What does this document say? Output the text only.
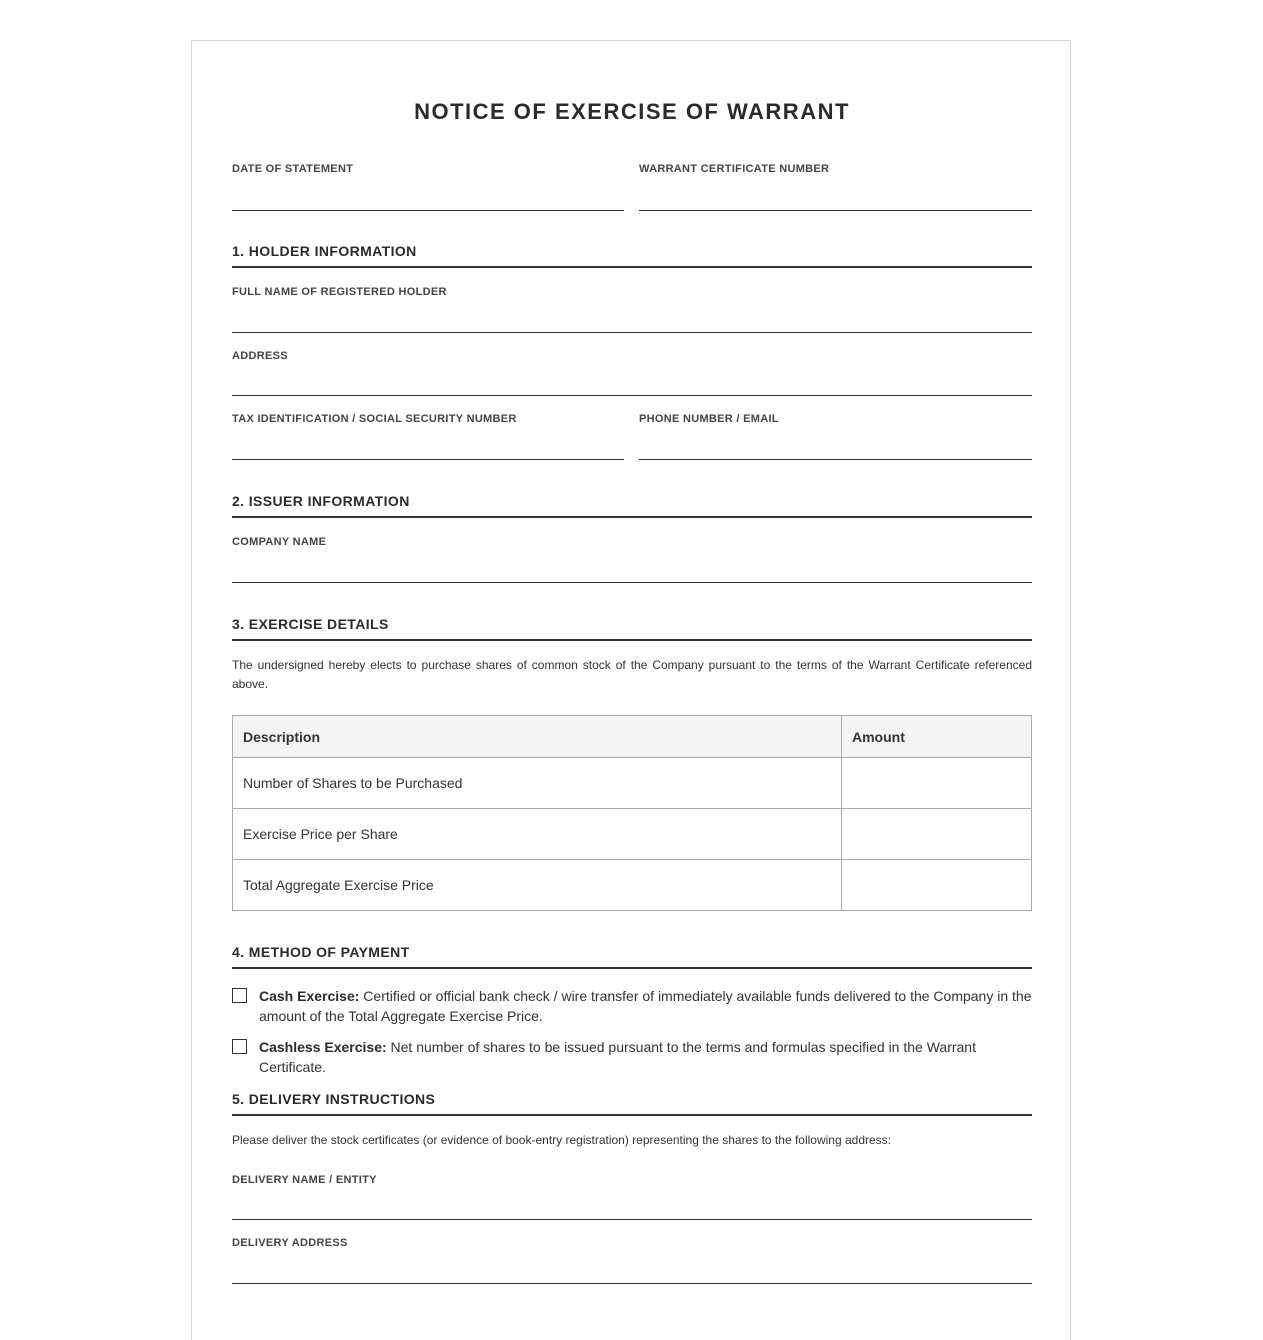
NOTICE OF EXERCISE OF WARRANT
DATE OF STATEMENT	WARRANT CERTIFICATE NUMBER
1. HOLDER INFORMATION
FULL NAME OF REGISTERED HOLDER
ADDRESS
TAX IDENTIFICATION / SOCIAL SECURITY NUMBER	PHONE NUMBER / EMAIL
2. ISSUER INFORMATION
COMPANY NAME
3. EXERCISE DETAILS
The undersigned hereby elects to purchase shares of common stock of the Company pursuant to the terms of the Warrant Certificate referenced above.
Description	Amount
Number of Shares to be Purchased	
Exercise Price per Share	
Total Aggregate Exercise Price	
4. METHOD OF PAYMENT
Cash Exercise: Certified or official bank check / wire transfer of immediately available funds delivered to the Company in the amount of the Total Aggregate Exercise Price.
Cashless Exercise: Net number of shares to be issued pursuant to the terms and formulas specified in the Warrant Certificate.
5. DELIVERY INSTRUCTIONS
Please deliver the stock certificates (or evidence of book-entry registration) representing the shares to the following address:
DELIVERY NAME / ENTITY
DELIVERY ADDRESS
